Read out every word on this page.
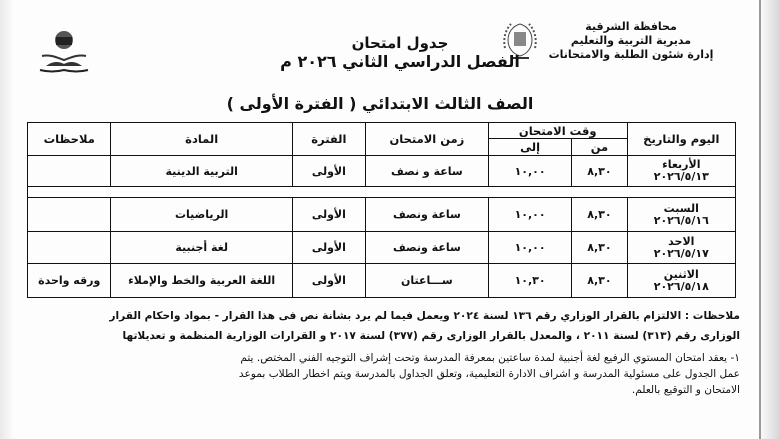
محافظة الشرقية
مديرية التربية والتعليم
إدارة شئون الطلبة والامتحانات
جدول امتحان
الفصل الدراسي الثاني ٢٠٢٦ م
الصف الثالث الابتدائي ( الفترة الأولى )
اليوم والتاريخ	وقت الامتحان		زمن الامتحان	الفترة	المادة	ملاحظات
	من	إلى				

الأربعاء
٢٠٢٦/٥/١٣	٨,٣٠	١٠,٠٠	ساعة و نصف	الأولى	التربية الدينية	

السبت
٢٠٢٦/٥/١٦	٨,٣٠	١٠,٠٠	ساعة ونصف	الأولى	الرياضيات	

الاحد
٢٠٢٦/٥/١٧	٨,٣٠	١٠,٠٠	ساعة ونصف	الأولى	لغة أجنبية	

الاثنين
٢٠٢٦/٥/١٨	٨,٣٠	١٠,٣٠	ســـاعتان	الأولى	اللغة العربية والخط والإملاء	ورقه واحدة
ملاحظات : الالتزام بالقرار الوزاري رقم ١٣٦ لسنة ٢٠٢٤ ويعمل فيما لم يرد بشأنة نص فى هذا القرار - بمواد واحكام القرار
الوزارى رقم (٣١٣) لسنة ٢٠١١ ، والمعدل بالقرار الوزارى رقم (٣٧٧) لسنة ٢٠١٧ و القرارات الوزارية المنظمة و تعديلاتها
١- يعقد امتحان المستوي الرفيع لغة أجنبية لمدة ساعتين بمعرفة المدرسة وتحت إشراف التوجيه الفني المختص. يتم
عمل الجدول على مسئولية المدرسة و اشراف الادارة التعليمية، وتعلق الجداول بالمدرسة ويتم اخطار الطلاب بموعد
الامتحان و التوقيع بالعلم.
